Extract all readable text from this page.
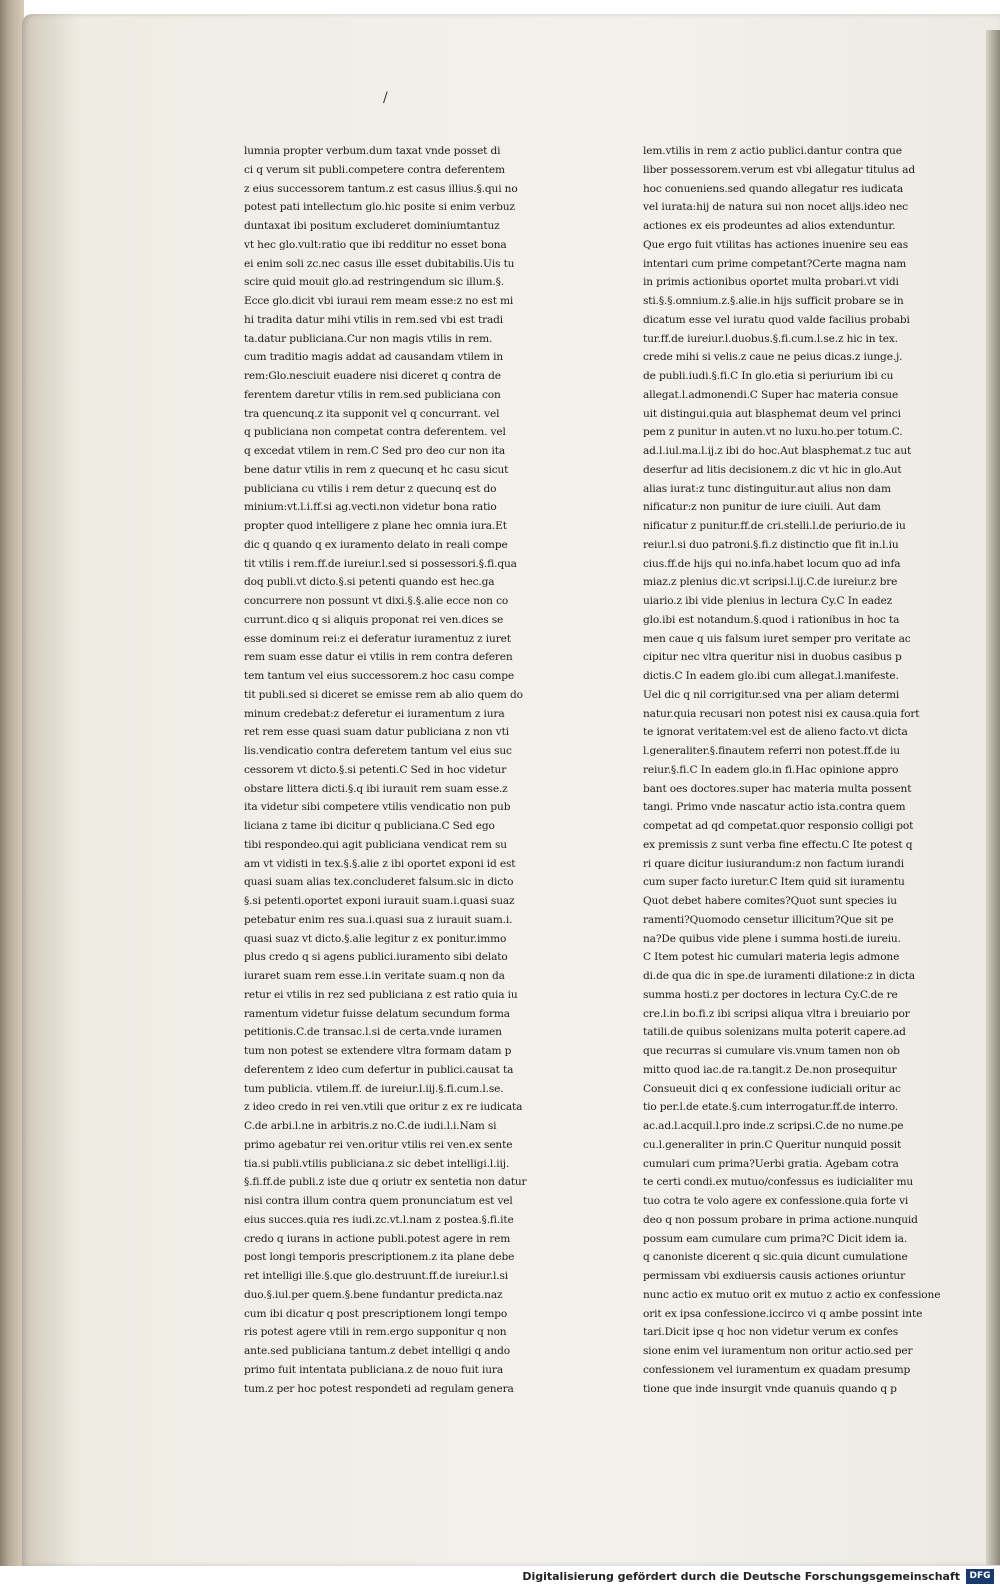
/
lumnia propter verbum.dum taxat vnde posset di
ci q verum sit publi.competere contra deferentem
z eius successorem tantum.z est casus illius.§.qui no
potest pati intellectum glo.hic posite si enim verbuz
duntaxat ibi positum excluderet dominiumtantuz
vt hec glo.vult:ratio que ibi redditur no esset bona
ei enim soli zc.nec casus ille esset dubitabilis.Uis tu
scire quid mouit glo.ad restringendum sic illum.§.
Ecce glo.dicit vbi iuraui rem meam esse:z no est mi
hi tradita datur mihi vtilis in rem.sed vbi est tradi
ta.datur publiciana.Cur non magis vtilis in rem.
cum traditio magis addat ad causandam vtilem in
rem:Glo.nesciuit euadere nisi diceret q contra de
ferentem daretur vtilis in rem.sed publiciana con
tra quencunq.z ita supponit vel q concurrant. vel
q publiciana non competat contra deferentem. vel
q excedat vtilem in rem.C Sed pro deo cur non ita
bene datur vtilis in rem z quecunq et hc casu sicut
publiciana cu vtilis i rem detur z quecunq est do
minium:vt.l.i.ff.si ag.vecti.non videtur bona ratio
propter quod intelligere z plane hec omnia iura.Et
dic q quando q ex iuramento delato in reali compe
tit vtilis i rem.ff.de iureiur.l.sed si possessori.§.fi.qua
doq publi.vt dicto.§.si petenti quando est hec.ga
concurrere non possunt vt dixi.§.§.alie ecce non co
currunt.dico q si aliquis proponat rei ven.dices se
esse dominum rei:z ei deferatur iuramentuz z iuret
rem suam esse datur ei vtilis in rem contra deferen
tem tantum vel eius successorem.z hoc casu compe
tit publi.sed si diceret se emisse rem ab alio quem do
minum credebat:z deferetur ei iuramentum z iura
ret rem esse quasi suam datur publiciana z non vti
lis.vendicatio contra deferetem tantum vel eius suc
cessorem vt dicto.§.si petenti.C Sed in hoc videtur
obstare littera dicti.§.q ibi iurauit rem suam esse.z
ita videtur sibi competere vtilis vendicatio non pub
liciana z tame ibi dicitur q publiciana.C Sed ego
tibi respondeo.qui agit publiciana vendicat rem su
am vt vidisti in tex.§.§.alie z ibi oportet exponi id est
quasi suam alias tex.concluderet falsum.sic in dicto
§.si petenti.oportet exponi iurauit suam.i.quasi suaz
petebatur enim res sua.i.quasi sua z iurauit suam.i.
quasi suaz vt dicto.§.alie legitur z ex ponitur.immo
plus credo q si agens publici.iuramento sibi delato
iuraret suam rem esse.i.in veritate suam.q non da
retur ei vtilis in rez sed publiciana z est ratio quia iu
ramentum videtur fuisse delatum secundum forma
petitionis.C.de transac.l.si de certa.vnde iuramen
tum non potest se extendere vltra formam datam p
deferentem z ideo cum defertur in publici.causat ta
tum publicia. vtilem.ff. de iureiur.l.iij.§.fi.cum.l.se.
z ideo credo in rei ven.vtili que oritur z ex re iudicata
C.de arbi.l.ne in arbitris.z no.C.de iudi.l.i.Nam si
primo agebatur rei ven.oritur vtilis rei ven.ex sente
tia.si publi.vtilis publiciana.z sic debet intelligi.l.iij.
§.fi.ff.de publi.z iste due q oriutr ex sentetia non datur
nisi contra illum contra quem pronunciatum est vel
eius succes.quia res iudi.zc.vt.l.nam z postea.§.fi.ite
credo q iurans in actione publi.potest agere in rem
post longi temporis prescriptionem.z ita plane debe
ret intelligi ille.§.que glo.destruunt.ff.de iureiur.l.si
duo.§.iul.per quem.§.bene fundantur predicta.naz
cum ibi dicatur q post prescriptionem longi tempo
ris potest agere vtili in rem.ergo supponitur q non
ante.sed publiciana tantum.z debet intelligi q ando
primo fuit intentata publiciana.z de nouo fuit iura
tum.z per hoc potest respondeti ad regulam genera
lem.vtilis in rem z actio publici.dantur contra que
liber possessorem.verum est vbi allegatur titulus ad
hoc conueniens.sed quando allegatur res iudicata
vel iurata:hij de natura sui non nocet alijs.ideo nec
actiones ex eis prodeuntes ad alios extenduntur.
Que ergo fuit vtilitas has actiones inuenire seu eas
intentari cum prime competant?Certe magna nam
in primis actionibus oportet multa probari.vt vidi
sti.§.§.omnium.z.§.alie.in hijs sufficit probare se in
dicatum esse vel iuratu quod valde facilius probabi
tur.ff.de iureiur.l.duobus.§.fi.cum.l.se.z hic in tex.
crede mihi si velis.z caue ne peius dicas.z iunge.j.
de publi.iudi.§.fi.C In glo.etia si periurium ibi cu
allegat.l.admonendi.C Super hac materia consue
uit distingui.quia aut blasphemat deum vel princi
pem z punitur in auten.vt no luxu.ho.per totum.C.
ad.l.iul.ma.l.ij.z ibi do hoc.Aut blasphemat.z tuc aut
deserfur ad litis decisionem.z dic vt hic in glo.Aut
alias iurat:z tunc distinguitur.aut alius non dam
nificatur:z non punitur de iure ciuili. Aut dam
nificatur z punitur.ff.de cri.stelli.l.de periurio.de iu
reiur.l.si duo patroni.§.fi.z distinctio que fit in.l.iu
cius.ff.de hijs qui no.infa.habet locum quo ad infa
miaz.z plenius dic.vt scripsi.l.ij.C.de iureiur.z bre
uiario.z ibi vide plenius in lectura Cy.C In eadez
glo.ibi est notandum.§.quod i rationibus in hoc ta
men caue q uis falsum iuret semper pro veritate ac
cipitur nec vltra queritur nisi in duobus casibus p
dictis.C In eadem glo.ibi cum allegat.l.manifeste.
Uel dic q nil corrigitur.sed vna per aliam determi
natur.quia recusari non potest nisi ex causa.quia fort
te ignorat veritatem:vel est de alieno facto.vt dicta
l.generaliter.§.finautem referri non potest.ff.de iu
reiur.§.fi.C In eadem glo.in fi.Hac opinione appro
bant oes doctores.super hac materia multa possent
tangi. Primo vnde nascatur actio ista.contra quem
competat ad qd competat.quor responsio colligi pot
ex premissis z sunt verba fine effectu.C Ite potest q
ri quare dicitur iusiurandum:z non factum iurandi
cum super facto iuretur.C Item quid sit iuramentu
Quot debet habere comites?Quot sunt species iu
ramenti?Quomodo censetur illicitum?Que sit pe
na?De quibus vide plene i summa hosti.de iureiu.
C Item potest hic cumulari materia legis admone
di.de qua dic in spe.de iuramenti dilatione:z in dicta
summa hosti.z per doctores in lectura Cy.C.de re
cre.l.in bo.fi.z ibi scripsi aliqua vltra i breuiario por
tatili.de quibus solenizans multa poterit capere.ad
que recurras si cumulare vis.vnum tamen non ob
mitto quod iac.de ra.tangit.z De.non prosequitur
Consueuit dici q ex confessione iudiciali oritur ac
tio per.l.de etate.§.cum interrogatur.ff.de interro.
ac.ad.l.acquil.l.pro inde.z scripsi.C.de no nume.pe
cu.l.generaliter in prin.C Queritur nunquid possit
cumulari cum prima?Uerbi gratia. Agebam cotra
te certi condi.ex mutuo/confessus es iudicialiter mu
tuo cotra te volo agere ex confessione.quia forte vi
deo q non possum probare in prima actione.nunquid
possum eam cumulare cum prima?C Dicit idem ia.
q canoniste dicerent q sic.quia dicunt cumulatione
permissam vbi exdiuersis causis actiones oriuntur
nunc actio ex mutuo orit ex mutuo z actio ex confessione
orit ex ipsa confessione.iccirco vi q ambe possint inte
tari.Dicit ipse q hoc non videtur verum ex confes
sione enim vel iuramentum non oritur actio.sed per
confessionem vel iuramentum ex quadam presump
tione que inde insurgit vnde quanuis quando q p
Digitalisierung gefördert durch die Deutsche Forschungsgemeinschaft	DFG
